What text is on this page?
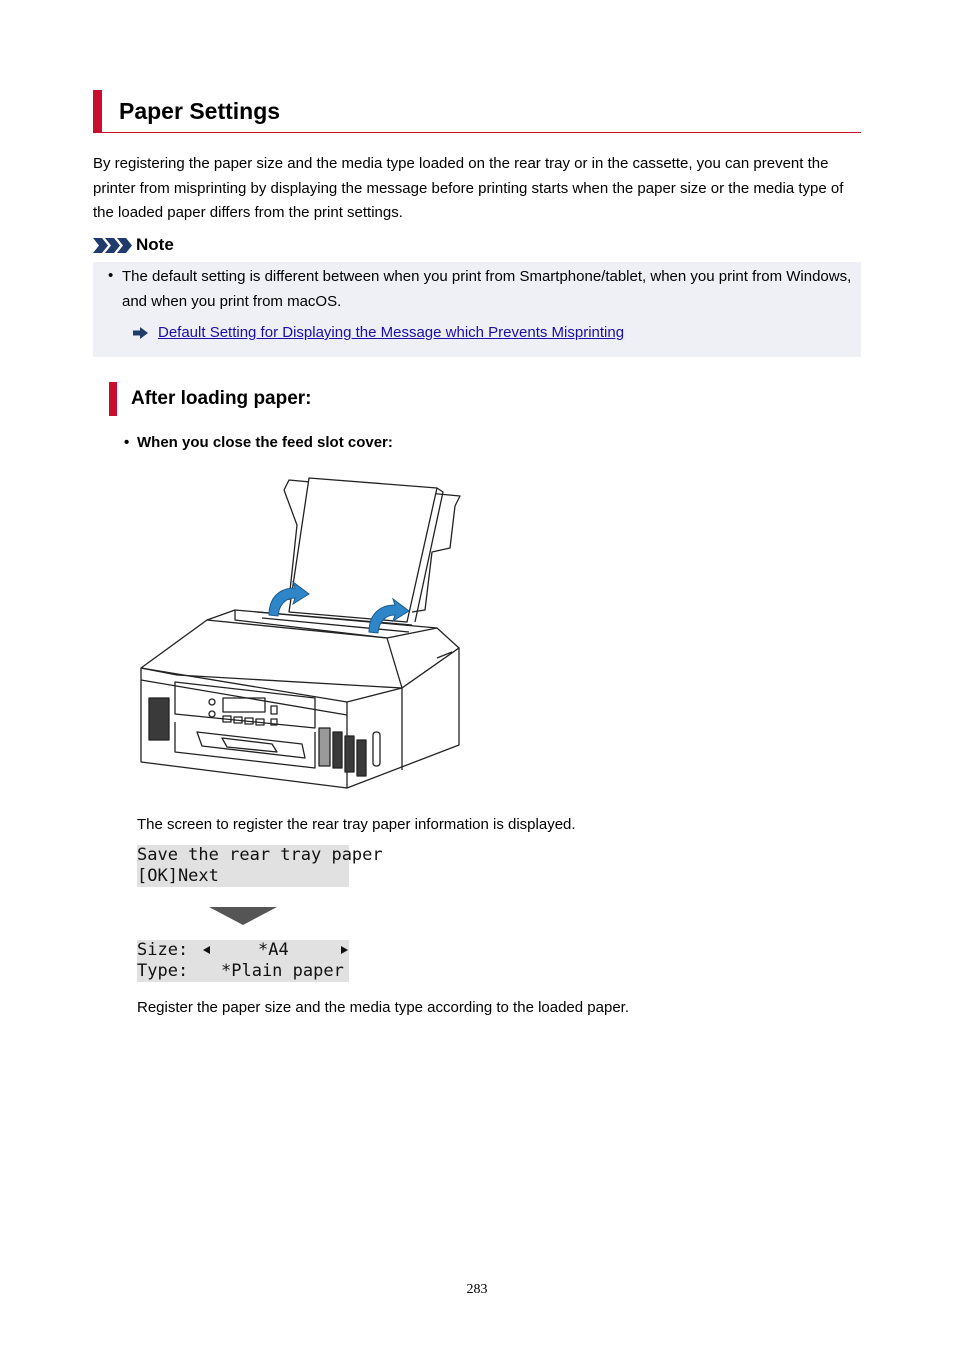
Paper Settings
By registering the paper size and the media type loaded on the rear tray or in the cassette, you can prevent the printer from misprinting by displaying the message before printing starts when the paper size or the media type of the loaded paper differs from the print settings.
Note
• The default setting is different between when you print from Smartphone/tablet, when you print from Windows, and when you print from macOS.
Default Setting for Displaying the Message which Prevents Misprinting
After loading paper:
• When you close the feed slot cover:
The screen to register the rear tray paper information is displayed.
Save the rear tray paper
[OK]Next
Size:	*A4
Type: *Plain paper
Register the paper size and the media type according to the loaded paper.
283
